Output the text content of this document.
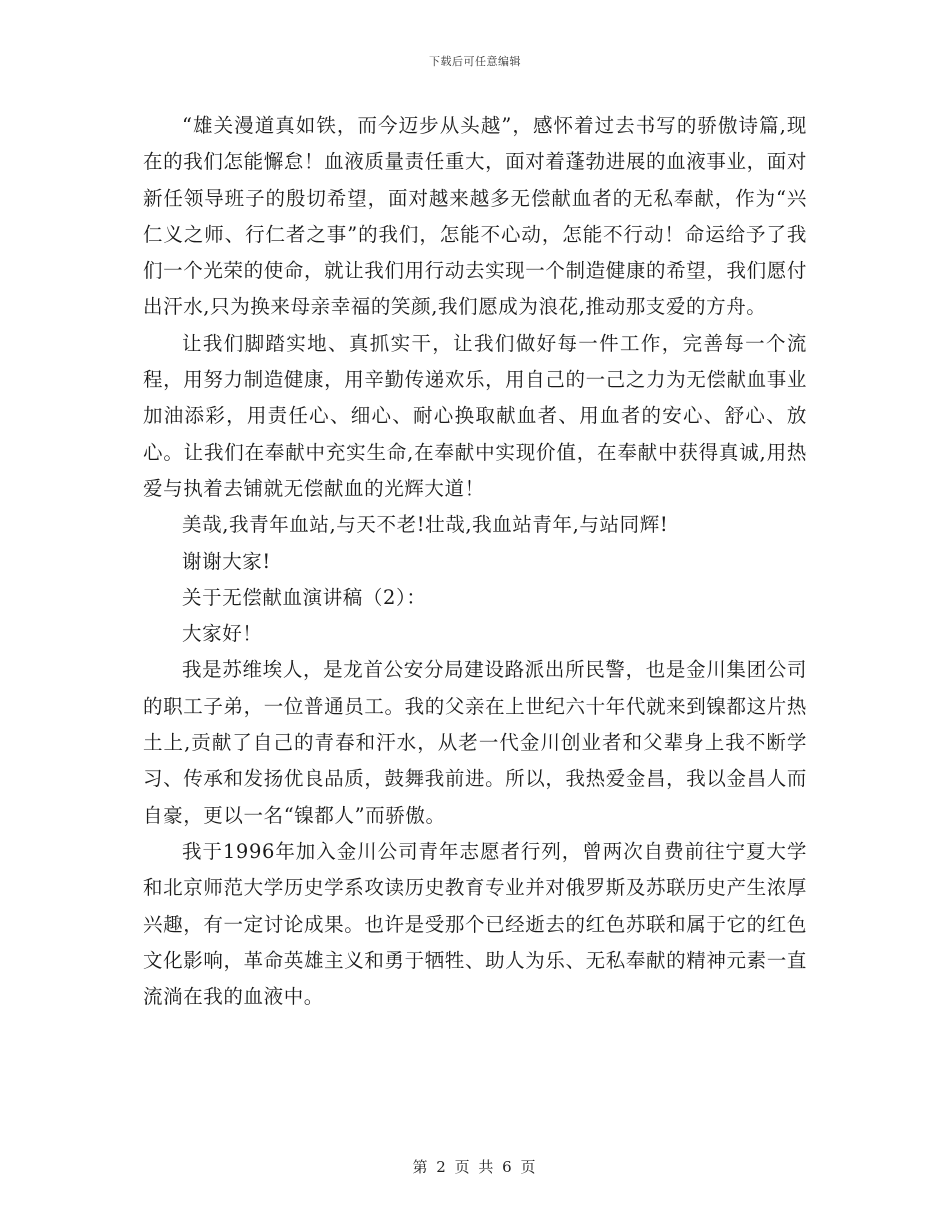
下载后可任意编辑

“雄关漫道真如铁，而今迈步从头越”，感怀着过去书写的骄傲诗篇,现在的我们怎能懈怠！血液质量责任重大，面对着蓬勃进展的血液事业，面对新任领导班子的殷切希望，面对越来越多无偿献血者的无私奉献，作为“兴仁义之师、行仁者之事”的我们，怎能不心动，怎能不行动！命运给予了我们一个光荣的使命，就让我们用行动去实现一个制造健康的希望，我们愿付出汗水,只为换来母亲幸福的笑颜,我们愿成为浪花,推动那支爱的方舟。

让我们脚踏实地、真抓实干，让我们做好每一件工作，完善每一个流程，用努力制造健康，用辛勤传递欢乐，用自己的一己之力为无偿献血事业加油添彩，用责任心、细心、耐心换取献血者、用血者的安心、舒心、放心。让我们在奉献中充实生命,在奉献中实现价值，在奉献中获得真诚,用热爱与执着去铺就无偿献血的光辉大道！

美哉,我青年血站,与天不老!壮哉,我血站青年,与站同辉!

谢谢大家!

关于无偿献血演讲稿（2）：

大家好！

我是苏维埃人，是龙首公安分局建设路派出所民警，也是金川集团公司的职工子弟，一位普通员工。我的父亲在上世纪六十年代就来到镍都这片热土上,贡献了自己的青春和汗水，从老一代金川创业者和父辈身上我不断学习、传承和发扬优良品质，鼓舞我前进。所以，我热爱金昌，我以金昌人而自豪，更以一名“镍都人”而骄傲。

我于1996年加入金川公司青年志愿者行列，曾两次自费前往宁夏大学和北京师范大学历史学系攻读历史教育专业并对俄罗斯及苏联历史产生浓厚兴趣，有一定讨论成果。也许是受那个已经逝去的红色苏联和属于它的红色文化影响，革命英雄主义和勇于牺牲、助人为乐、无私奉献的精神元素一直流淌在我的血液中。

第 2 页 共 6 页
